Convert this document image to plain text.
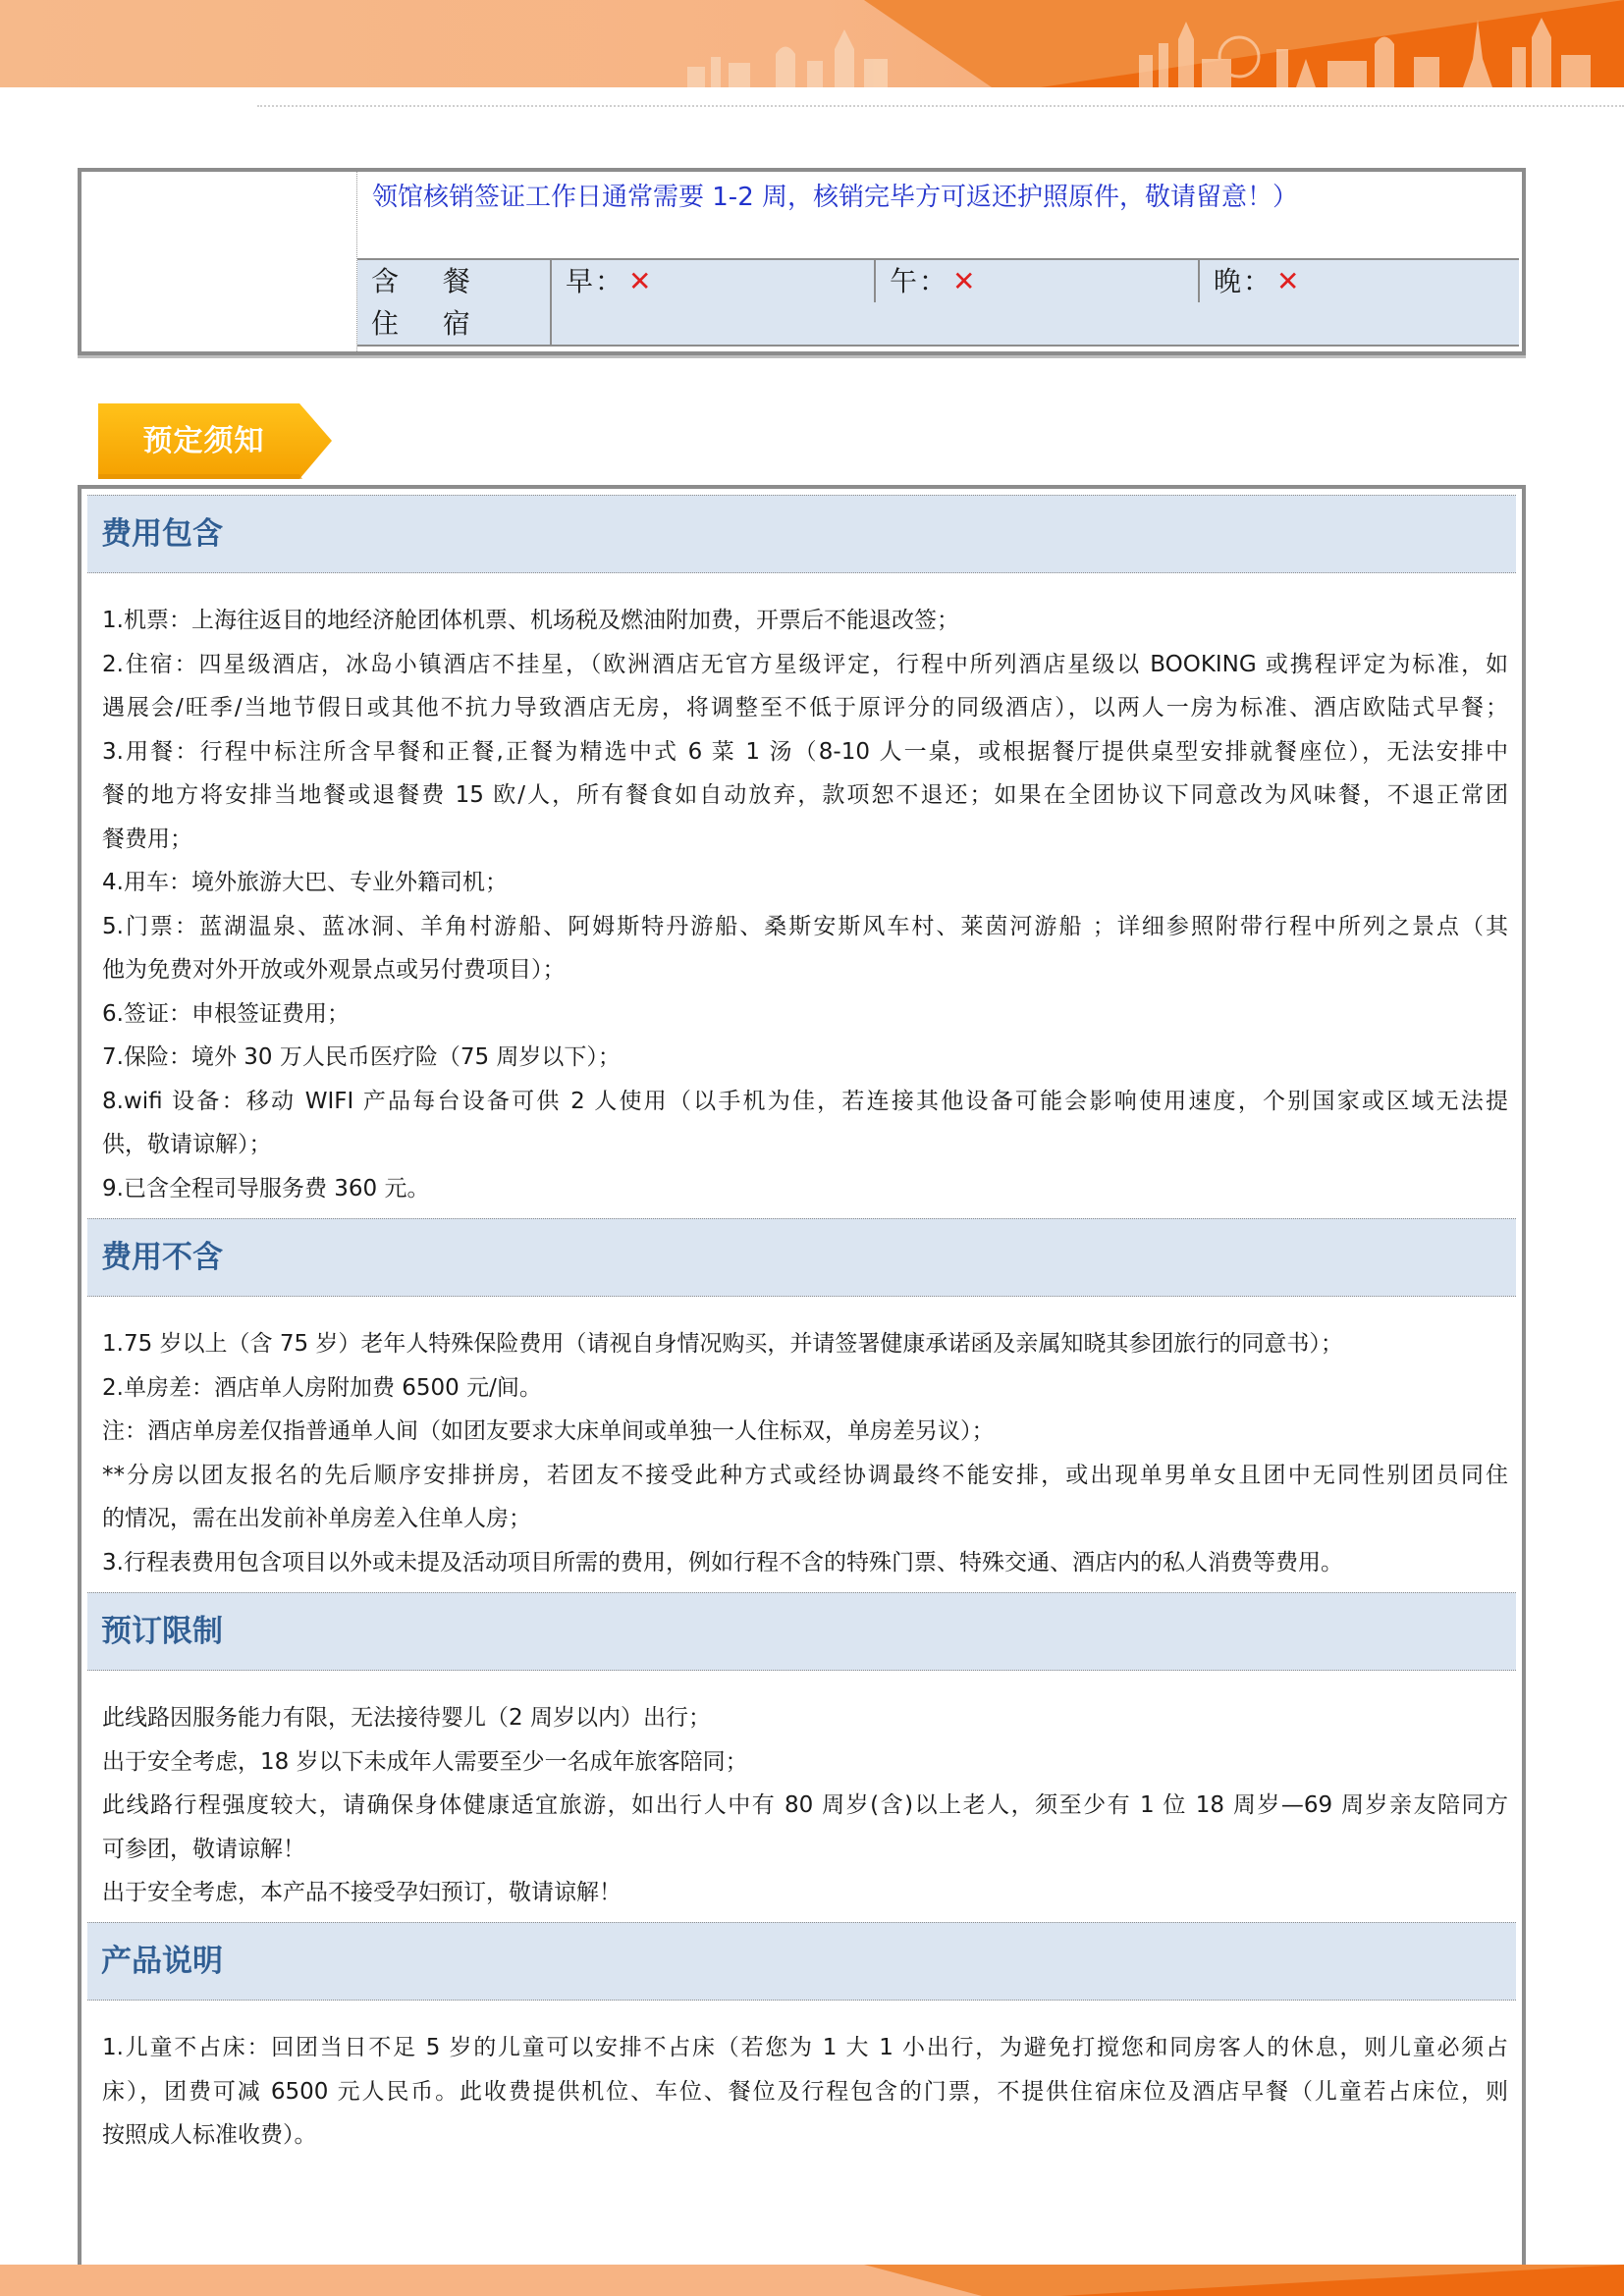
领馆核销签证工作日通常需要 1-2 周，核销完毕方可返还护照原件，敬请留意！）
含 餐	早： ✕	午： ✕	晚： ✕
住 宿
预定须知
费用包含
1.机票：上海往返目的地经济舱团体机票、机场税及燃油附加费，开票后不能退改签；
2.住宿：四星级酒店，冰岛小镇酒店不挂星，（欧洲酒店无官方星级评定，行程中所列酒店星级以 BOOKING 或携程评定为标准，如
遇展会/旺季/当地节假日或其他不抗力导致酒店无房，将调整至不低于原评分的同级酒店），以两人一房为标准、酒店欧陆式早餐；
3.用餐：行程中标注所含早餐和正餐,正餐为精选中式 6 菜 1 汤（8-10 人一桌，或根据餐厅提供桌型安排就餐座位），无法安排中
餐的地方将安排当地餐或退餐费 15 欧/人，所有餐食如自动放弃，款项恕不退还；如果在全团协议下同意改为风味餐，不退正常团
餐费用；
4.用车：境外旅游大巴、专业外籍司机；
5.门票：蓝湖温泉、蓝冰洞、羊角村游船、阿姆斯特丹游船、桑斯安斯风车村、莱茵河游船 ；详细参照附带行程中所列之景点（其
他为免费对外开放或外观景点或另付费项目）；
6.签证：申根签证费用；
7.保险：境外 30 万人民币医疗险（75 周岁以下）；
8.wifi 设备：移动 WIFI 产品每台设备可供 2 人使用（以手机为佳，若连接其他设备可能会影响使用速度，个别国家或区域无法提
供，敬请谅解）；
9.已含全程司导服务费 360 元。
费用不含
1.75 岁以上（含 75 岁）老年人特殊保险费用（请视自身情况购买，并请签署健康承诺函及亲属知晓其参团旅行的同意书）；
2.单房差：酒店单人房附加费 6500 元/间。
注：酒店单房差仅指普通单人间（如团友要求大床单间或单独一人住标双，单房差另议）；
**分房以团友报名的先后顺序安排拼房，若团友不接受此种方式或经协调最终不能安排，或出现单男单女且团中无同性别团员同住
的情况，需在出发前补单房差入住单人房；
3.行程表费用包含项目以外或未提及活动项目所需的费用，例如行程不含的特殊门票、特殊交通、酒店内的私人消费等费用。
预订限制
此线路因服务能力有限，无法接待婴儿（2 周岁以内）出行；
出于安全考虑，18 岁以下未成年人需要至少一名成年旅客陪同；
此线路行程强度较大，请确保身体健康适宜旅游，如出行人中有 80 周岁(含)以上老人，须至少有 1 位 18 周岁—69 周岁亲友陪同方
可参团，敬请谅解！
出于安全考虑，本产品不接受孕妇预订，敬请谅解！
产品说明
1.儿童不占床：回团当日不足 5 岁的儿童可以安排不占床（若您为 1 大 1 小出行，为避免打搅您和同房客人的休息，则儿童必须占
床），团费可减 6500 元人民币。此收费提供机位、车位、餐位及行程包含的门票，不提供住宿床位及酒店早餐（儿童若占床位，则
按照成人标准收费）。
